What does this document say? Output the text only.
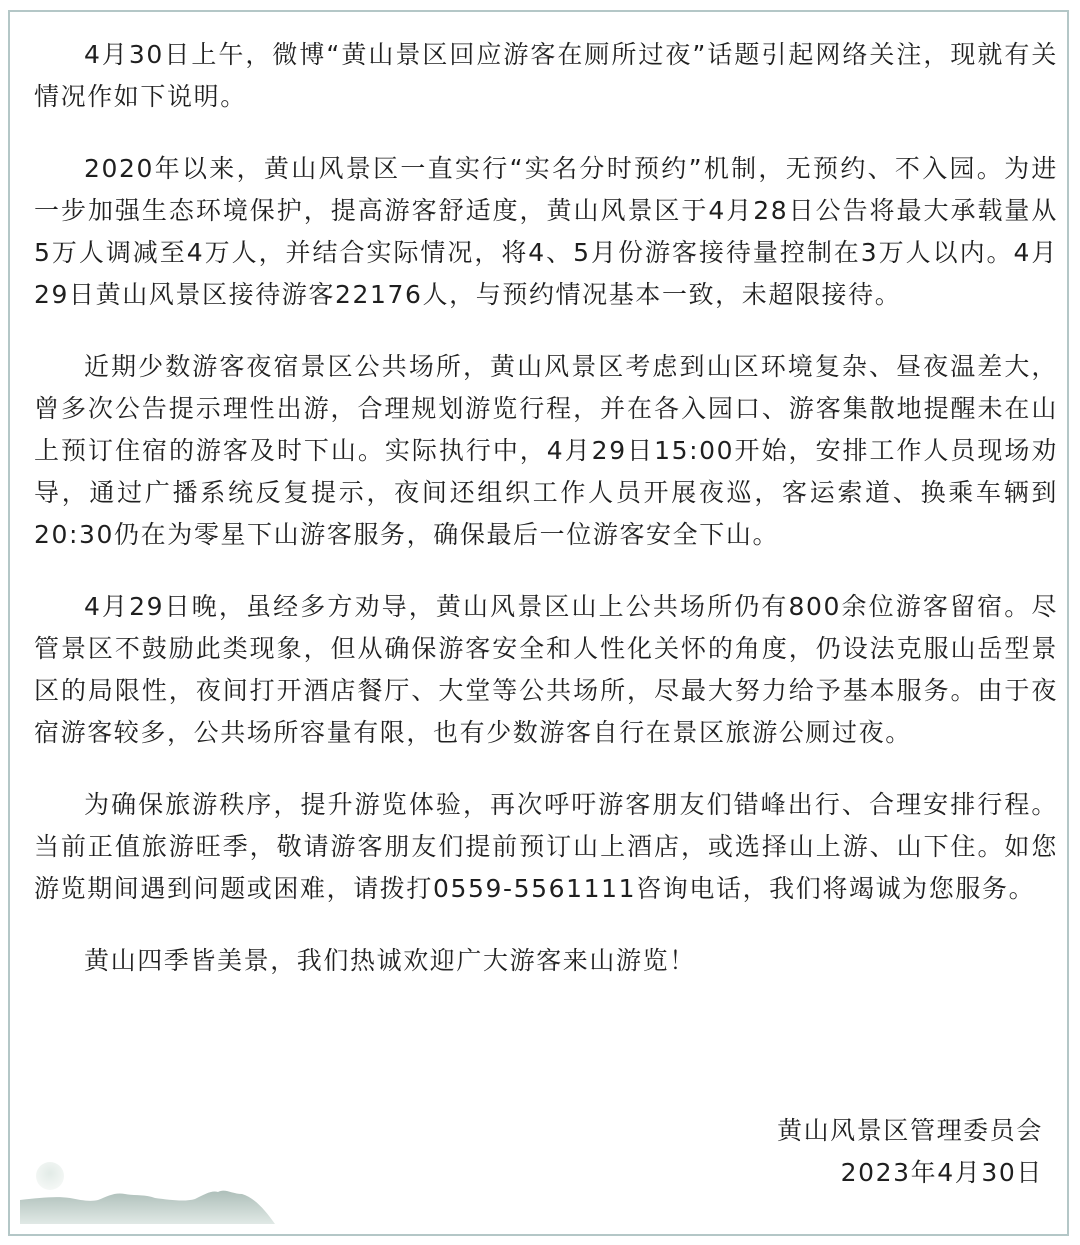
4月30日上午，微博“黄山景区回应游客在厕所过夜”话题引起网络关注，现就有关情况作如下说明。

2020年以来，黄山风景区一直实行“实名分时预约”机制，无预约、不入园。为进一步加强生态环境保护，提高游客舒适度，黄山风景区于4月28日公告将最大承载量从5万人调减至4万人，并结合实际情况，将4、5月份游客接待量控制在3万人以内。4月29日黄山风景区接待游客22176人，与预约情况基本一致，未超限接待。

近期少数游客夜宿景区公共场所，黄山风景区考虑到山区环境复杂、昼夜温差大，曾多次公告提示理性出游，合理规划游览行程，并在各入园口、游客集散地提醒未在山上预订住宿的游客及时下山。实际执行中，4月29日15:00开始，安排工作人员现场劝导，通过广播系统反复提示，夜间还组织工作人员开展夜巡，客运索道、换乘车辆到20:30仍在为零星下山游客服务，确保最后一位游客安全下山。

4月29日晚，虽经多方劝导，黄山风景区山上公共场所仍有800余位游客留宿。尽管景区不鼓励此类现象，但从确保游客安全和人性化关怀的角度，仍设法克服山岳型景区的局限性，夜间打开酒店餐厅、大堂等公共场所，尽最大努力给予基本服务。由于夜宿游客较多，公共场所容量有限，也有少数游客自行在景区旅游公厕过夜。

为确保旅游秩序，提升游览体验，再次呼吁游客朋友们错峰出行、合理安排行程。当前正值旅游旺季，敬请游客朋友们提前预订山上酒店，或选择山上游、山下住。如您游览期间遇到问题或困难，请拨打0559-5561111咨询电话，我们将竭诚为您服务。

黄山四季皆美景，我们热诚欢迎广大游客来山游览！

黄山风景区管理委员会
2023年4月30日
